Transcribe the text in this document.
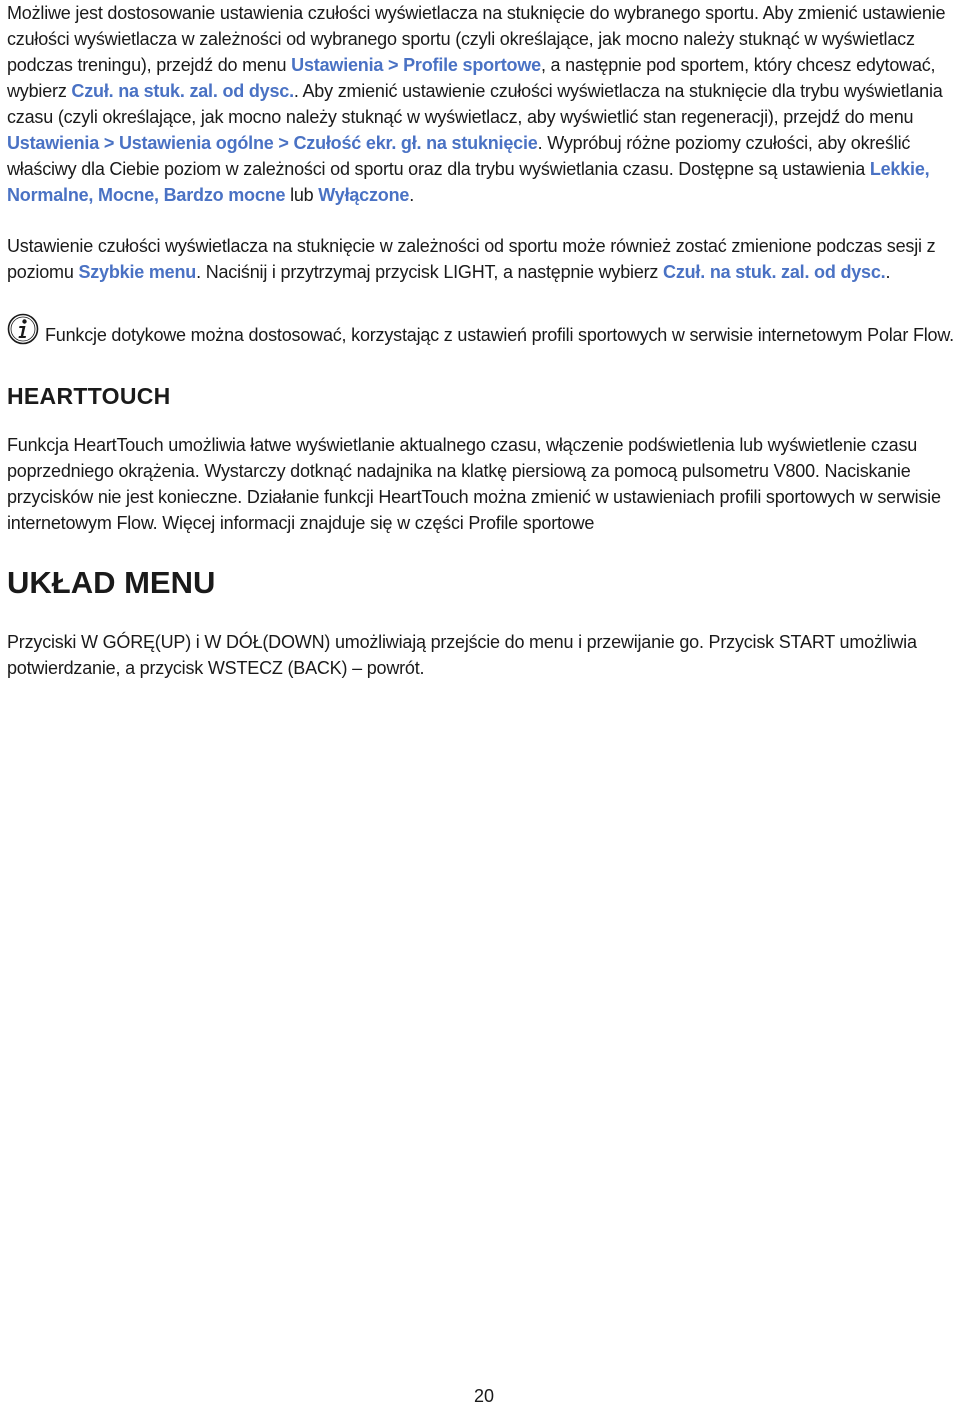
Możliwe jest dostosowanie ustawienia czułości wyświetlacza na stuknięcie do wybranego sportu. Aby zmienić ustawienie czułości wyświetlacza w zależności od wybranego sportu (czyli określające, jak mocno należy stuknąć w wyświetlacz podczas treningu), przejdź do menu Ustawienia > Profile sportowe, a następnie pod sportem, który chcesz edytować, wybierz Czuł. na stuk. zal. od dysc.. Aby zmienić ustawienie czułości wyświetlacza na stuknięcie dla trybu wyświetlania czasu (czyli określające, jak mocno należy stuknąć w wyświetlacz, aby wyświetlić stan regeneracji), przejdź do menu Ustawienia > Ustawienia ogólne > Czułość ekr. gł. na stuknięcie. Wypróbuj różne poziomy czułości, aby określić właściwy dla Ciebie poziom w zależności od sportu oraz dla trybu wyświetlania czasu. Dostępne są ustawienia Lekkie, Normalne, Mocne, Bardzo mocne lub Wyłączone.

Ustawienie czułości wyświetlacza na stuknięcie w zależności od sportu może również zostać zmienione podczas sesji z poziomu Szybkie menu. Naciśnij i przytrzymaj przycisk LIGHT, a następnie wybierz Czuł. na stuk. zal. od dysc..

Funkcje dotykowe można dostosować, korzystając z ustawień profili sportowych w serwisie internetowym Polar Flow.

HEARTTOUCH

Funkcja HeartTouch umożliwia łatwe wyświetlanie aktualnego czasu, włączenie podświetlenia lub wyświetlenie czasu poprzedniego okrążenia. Wystarczy dotknąć nadajnika na klatkę piersiową za pomocą pulsometru V800. Naciskanie przycisków nie jest konieczne. Działanie funkcji HeartTouch można zmienić w ustawieniach profili sportowych w serwisie internetowym Flow. Więcej informacji znajduje się w części Profile sportowe

UKŁAD MENU

Przyciski W GÓRĘ(UP) i W DÓŁ(DOWN) umożliwiają przejście do menu i przewijanie go. Przycisk START umożliwia potwierdzanie, a przycisk WSTECZ (BACK) – powrót.

20
